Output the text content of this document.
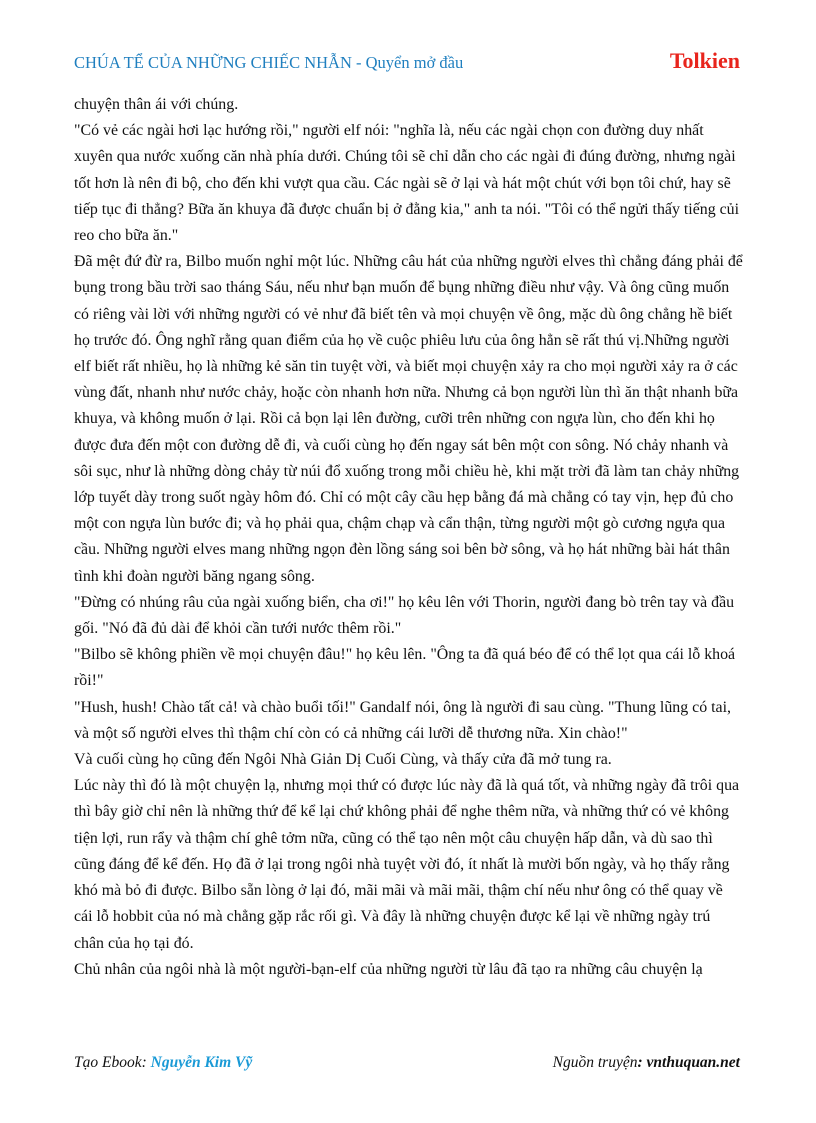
CHÚA TỂ CỦA NHỮNG CHIẾC NHẪN - Quyển mở đầu	Tolkien

chuyện thân ái với chúng.

"Có vẻ các ngài hơi lạc hướng rồi," người elf nói: "nghĩa là, nếu các ngài chọn con đường duy nhất xuyên qua nước xuống căn nhà phía dưới. Chúng tôi sẽ chỉ dẫn cho các ngài đi đúng đường, nhưng ngài tốt hơn là nên đi bộ, cho đến khi vượt qua cầu. Các ngài sẽ ở lại và hát một chút với bọn tôi chứ, hay sẽ tiếp tục đi thẳng? Bữa ăn khuya đã được chuẩn bị ở đằng kia," anh ta nói. "Tôi có thể ngửi thấy tiếng củi reo cho bữa ăn."

Đã mệt đứ đừ ra, Bilbo muốn nghỉ một lúc. Những câu hát của những người elves thì chẳng đáng phải để bụng trong bầu trời sao tháng Sáu, nếu như bạn muốn để bụng những điều như vậy. Và ông cũng muốn có riêng vài lời với những người có vẻ như đã biết tên và mọi chuyện về ông, mặc dù ông chẳng hề biết họ trước đó. Ông nghĩ rằng quan điểm của họ về cuộc phiêu lưu của ông hẳn sẽ rất thú vị.Những người elf biết rất nhiều, họ là những kẻ săn tin tuyệt vời, và biết mọi chuyện xảy ra cho mọi người xảy ra ở các vùng đất, nhanh như nước chảy, hoặc còn nhanh hơn nữa. Nhưng cả bọn người lùn thì ăn thật nhanh bữa khuya, và không muốn ở lại. Rồi cả bọn lại lên đường, cưỡi trên những con ngựa lùn, cho đến khi họ được đưa đến một con đường dễ đi, và cuối cùng họ đến ngay sát bên một con sông. Nó chảy nhanh và sôi sục, như là những dòng chảy từ núi đổ xuống trong mỗi chiều hè, khi mặt trời đã làm tan chảy những lớp tuyết dày trong suốt ngày hôm đó. Chỉ có một cây cầu hẹp bằng đá mà chẳng có tay vịn, hẹp đủ cho một con ngựa lùn bước đi; và họ phải qua, chậm chạp và cẩn thận, từng người một gò cương ngựa qua cầu. Những người elves mang những ngọn đèn lồng sáng soi bên bờ sông, và họ hát những bài hát thân tình khi đoàn người băng ngang sông.

"Đừng có nhúng râu của ngài xuống biển, cha ơi!" họ kêu lên với Thorin, người đang bò trên tay và đầu gối. "Nó đã đủ dài để khỏi cần tưới nước thêm rồi."

"Bilbo sẽ không phiền về mọi chuyện đâu!" họ kêu lên. "Ông ta đã quá béo để có thể lọt qua cái lỗ khoá rồi!"

"Hush, hush! Chào tất cả! và chào buổi tối!" Gandalf nói, ông là người đi sau cùng. "Thung lũng có tai, và một số người elves thì thậm chí còn có cả những cái lưỡi dễ thương nữa. Xin chào!"

Và cuối cùng họ cũng đến Ngôi Nhà Giản Dị Cuối Cùng, và thấy cửa đã mở tung ra.

Lúc này thì đó là một chuyện lạ, nhưng mọi thứ có được lúc này đã là quá tốt, và những ngày đã trôi qua thì bây giờ chỉ nên là những thứ để kể lại chứ không phải để nghe thêm nữa, và những thứ có vẻ không tiện lợi, run rẩy và thậm chí ghê tởm nữa, cũng có thể tạo nên một câu chuyện hấp dẫn, và dù sao thì cũng đáng để kể đến. Họ đã ở lại trong ngôi nhà tuyệt vời đó, ít nhất là mười bốn ngày, và họ thấy rằng khó mà bỏ đi được. Bilbo sẵn lòng ở lại đó, mãi mãi và mãi mãi, thậm chí nếu như ông có thể quay về cái lỗ hobbit của nó mà chẳng gặp rắc rối gì. Và đây là những chuyện được kể lại về những ngày trú chân của họ tại đó.

Chủ nhân của ngôi nhà là một người-bạn-elf của những người từ lâu đã tạo ra những câu chuyện lạ

Tạo Ebook: Nguyễn Kim Vỹ	Nguồn truyện: vnthuquan.net
